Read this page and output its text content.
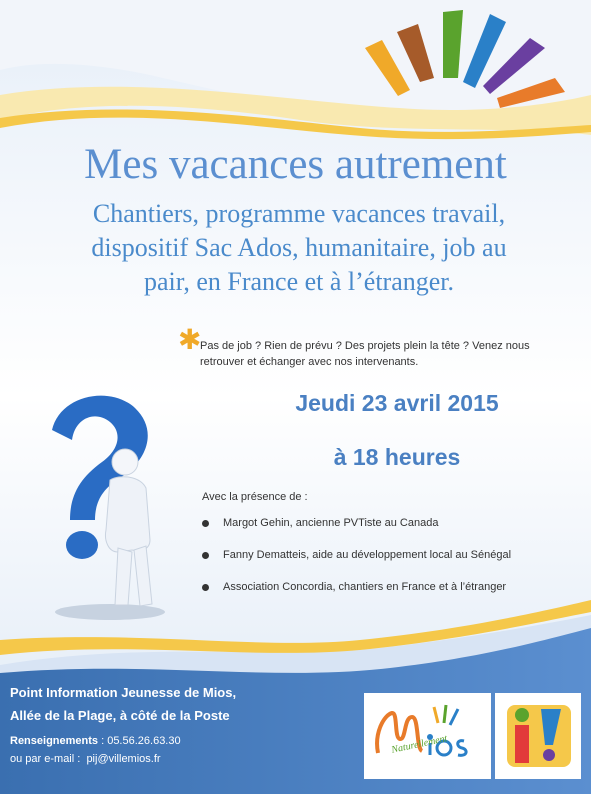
Mes vacances autrement
Chantiers, programme vacances travail,
dispositif Sac Ados, humanitaire, job au
pair, en France et à l’étranger.
✱
Pas de job ? Rien de prévu ? Des projets plein la tête ? Venez nous
retrouver et échanger avec nos intervenants.
Jeudi 23 avril 2015
à 18 heures
Avec la présence de :
Margot Gehin, ancienne PVTiste au Canada
Fanny Dematteis, aide au développement local au Sénégal
Association Concordia, chantiers en France et à l’étranger
Point Information Jeunesse de Mios,
Allée de la Plage, à côté de la Poste
Renseignements : 05.56.26.63.30
ou par e-mail : pij@villemios.fr
Naturellement
